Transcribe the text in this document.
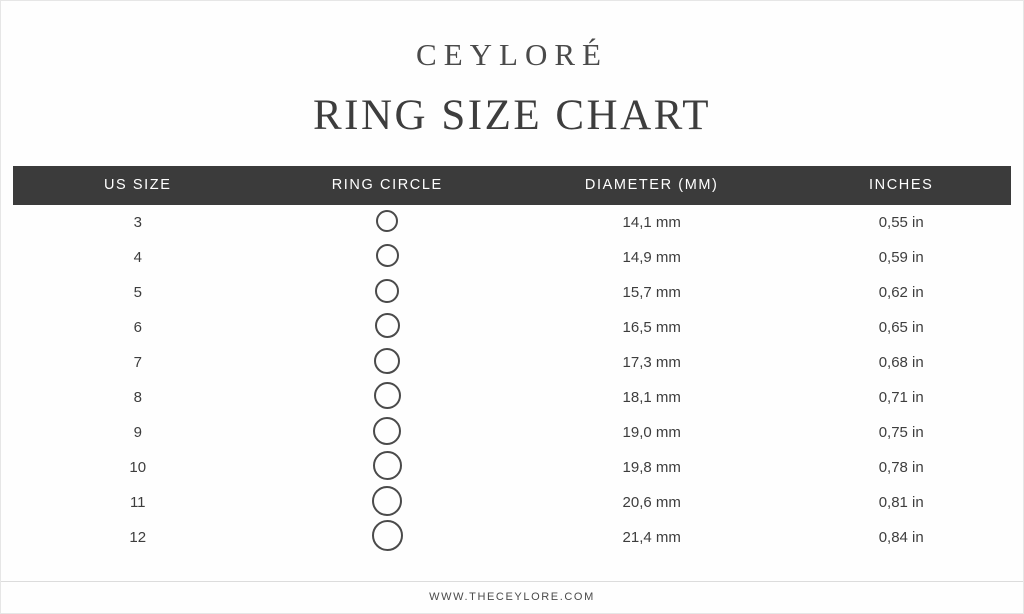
CEYLORÉ
RING SIZE CHART
US SIZE	RING CIRCLE	DIAMETER (MM)	INCHES
3		14,1 mm	0,55 in
4		14,9 mm	0,59 in
5		15,7 mm	0,62 in
6		16,5 mm	0,65 in
7		17,3 mm	0,68 in
8		18,1 mm	0,71 in
9		19,0 mm	0,75 in
10		19,8 mm	0,78 in
11		20,6 mm	0,81 in
12		21,4 mm	0,84 in
WWW.THECEYLORE.COM
